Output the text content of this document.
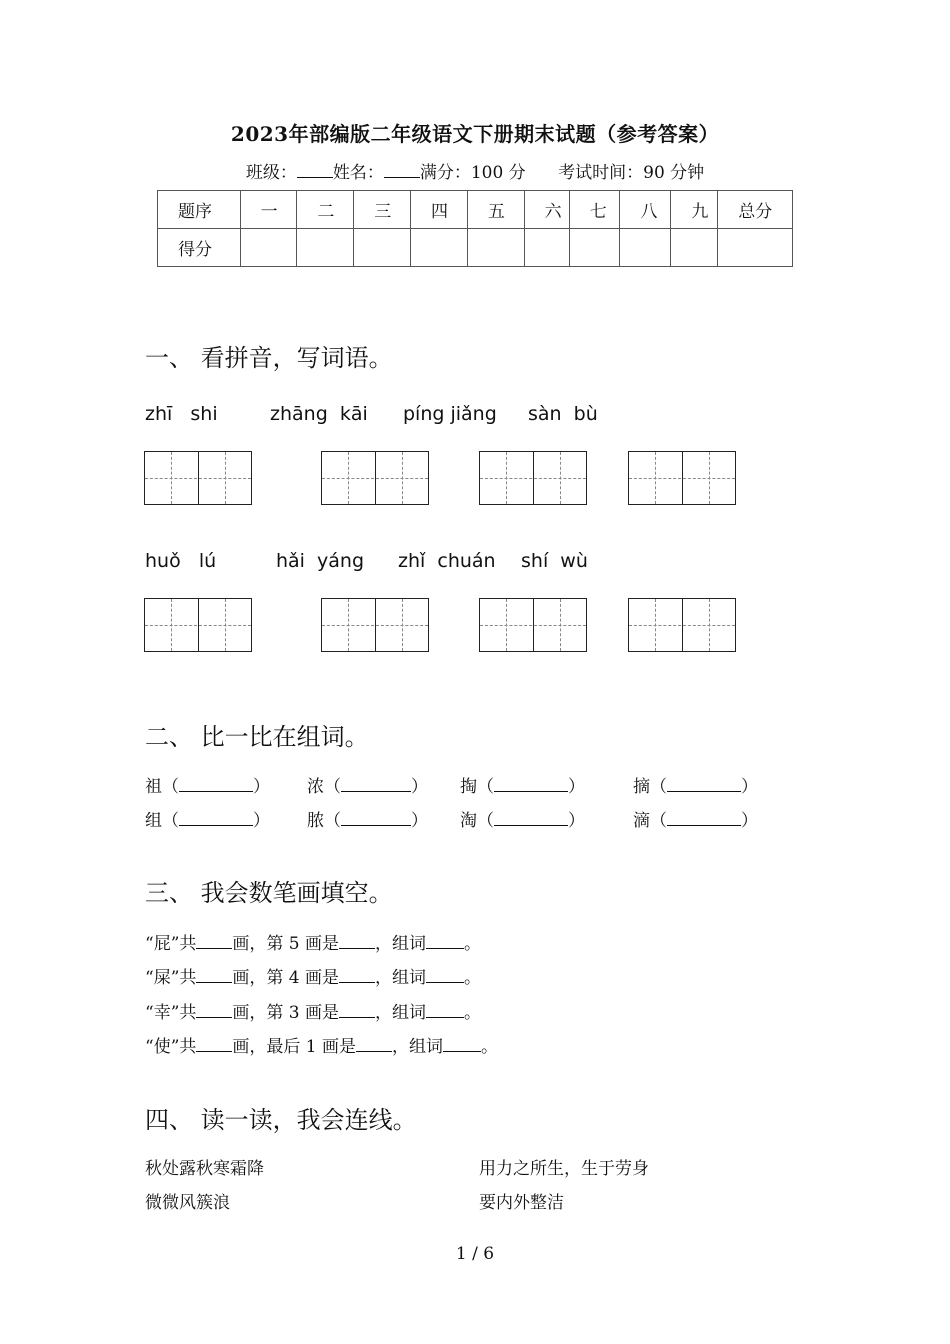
2023年部编版二年级语文下册期末试题（参考答案）
班级： 姓名： 满分：100 分 考试时间：90 分钟
题序	一	二	三	四	五	六	七	八	九	总分
得分										
一、 看拼音，写词语。
zhī   shi	zhāng  kāi píng jiǎng sàn  bù
huǒ   lú	hǎi  yáng zhǐ  chuán shí  wù
二、 比一比在组词。
祖（	） 浓（	） 掏（	）	摘（	）
组（	） 脓（	） 淘（	）	滴（	）
三、 我会数笔画填空。
“屁”共 画，第 5 画是 ，组词 。
“屎”共 画，第 4 画是 ，组词 。
“幸”共 画，第 3 画是 ，组词 。
“使”共 画，最后 1 画是 ，组词 。
四、 读一读，我会连线。
秋处露秋寒霜降	用力之所生，生于劳身
微微风簇浪	要内外整洁
1 / 6
